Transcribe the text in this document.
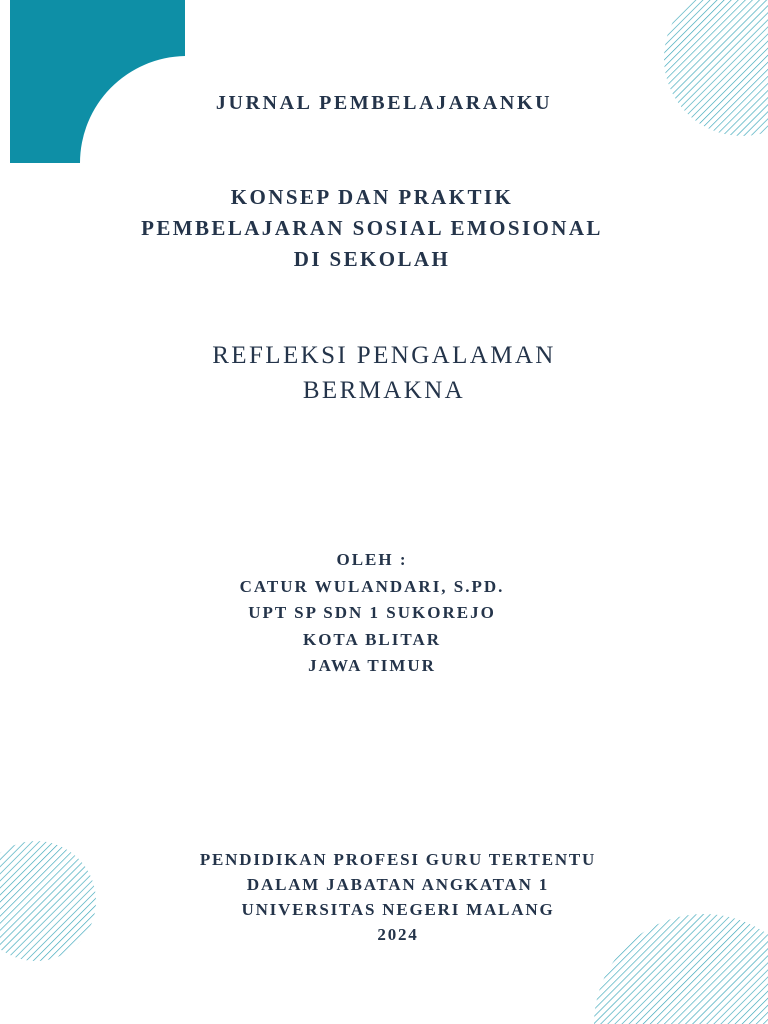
JURNAL PEMBELAJARANKU
KONSEP DAN PRAKTIK
PEMBELAJARAN SOSIAL EMOSIONAL
DI SEKOLAH
REFLEKSI PENGALAMAN
BERMAKNA
OLEH :
CATUR WULANDARI, S.PD.
UPT SP SDN 1 SUKOREJO
KOTA BLITAR
JAWA TIMUR
PENDIDIKAN PROFESI GURU TERTENTU
DALAM JABATAN ANGKATAN 1
UNIVERSITAS NEGERI MALANG
2024
